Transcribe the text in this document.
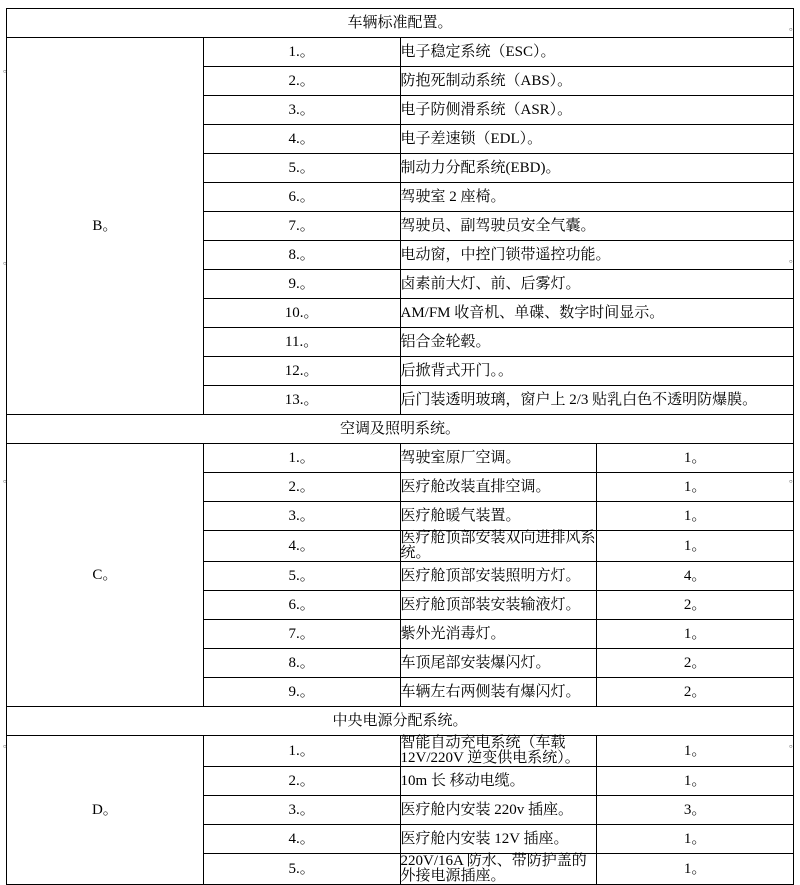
。
。
。
。
。
。
。
。
车辆标准配置。			
B。	1.。	电子稳定系统（ESC）。	
	2.。	防抱死制动系统（ABS）。	
	3.。	电子防侧滑系统（ASR）。	
	4.。	电子差速锁（EDL）。	
	5.。	制动力分配系统(EBD)。	
	6.。	驾驶室 2 座椅。	
	7.。	驾驶员、副驾驶员安全气囊。	
	8.。	电动窗，中控门锁带遥控功能。	
	9.。	卤素前大灯、前、后雾灯。	
	10.。	AM/FM 收音机、单碟、数字时间显示。	
	11.。	铝合金轮毂。	
	12.。	后掀背式开门。。	
	13.。	后门装透明玻璃，窗户上 2/3 贴乳白色不透明防爆膜。	
空调及照明系统。			
C。	1.。	驾驶室原厂空调。	1。
	2.。	医疗舱改装直排空调。	1。
	3.。	医疗舱暖气装置。	1。
	4.。	医疗舱顶部安装双向进排风系统。	1。
	5.。	医疗舱顶部安装照明方灯。	4。
	6.。	医疗舱顶部装安装输液灯。	2。
	7.。	紫外光消毒灯。	1。
	8.。	车顶尾部安装爆闪灯。	2。
	9.。	车辆左右两侧装有爆闪灯。	2。
中央电源分配系统。			
D。	1.。	智能自动充电系统（车载 12V/220V 逆变供电系统）。	1。
	2.。	10m 长 移动电缆。	1。
	3.。	医疗舱内安装 220v 插座。	3。
	4.。	医疗舱内安装 12V 插座。	1。
	5.。	220V/16A 防水、带防护盖的外接电源插座。	1。
